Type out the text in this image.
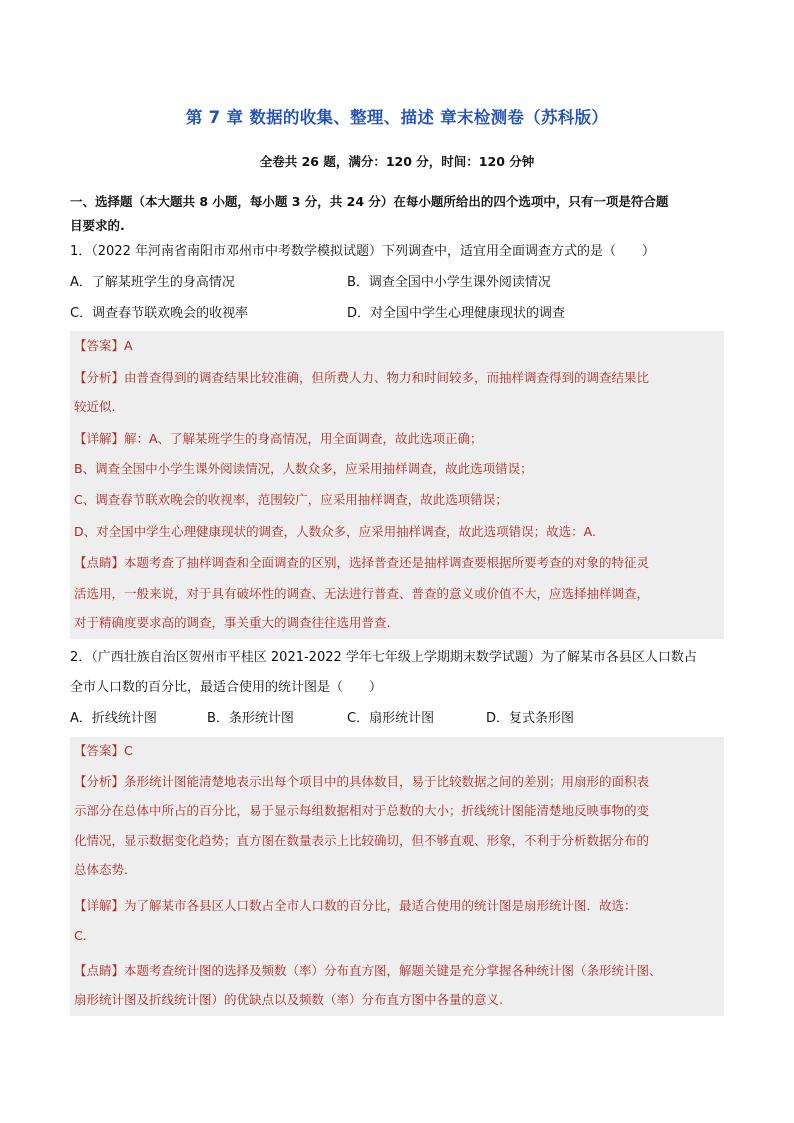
第 7 章 数据的收集、整理、描述 章末检测卷（苏科版）
全卷共 26 题，满分：120 分，时间：120 分钟
一、选择题（本大题共 8 小题，每小题 3 分，共 24 分）在每小题所给出的四个选项中，只有一项是符合题
目要求的.
1．（2022 年河南省南阳市邓州市中考数学模拟试题）下列调查中，适宜用全面调查方式的是（　　）
A．了解某班学生的身高情况	B．调查全国中小学生课外阅读情况
C．调查春节联欢晚会的收视率	D．对全国中学生心理健康现状的调查
【答案】A
【分析】由普查得到的调查结果比较准确，但所费人力、物力和时间较多，而抽样调查得到的调查结果比
较近似.
【详解】解：A、了解某班学生的身高情况，用全面调查，故此选项正确；
B、调查全国中小学生课外阅读情况，人数众多，应采用抽样调查，故此选项错误；
C、调查春节联欢晚会的收视率，范围较广，应采用抽样调查，故此选项错误；
D、对全国中学生心理健康现状的调查，人数众多，应采用抽样调查，故此选项错误；故选：A.
【点睛】本题考查了抽样调查和全面调查的区别，选择普查还是抽样调查要根据所要考查的对象的特征灵
活选用，一般来说，对于具有破坏性的调查、无法进行普查、普查的意义或价值不大，应选择抽样调查，
对于精确度要求高的调查，事关重大的调查往往选用普查.
2．（广西壮族自治区贺州市平桂区 2021-2022 学年七年级上学期期末数学试题）为了解某市各县区人口数占
全市人口数的百分比，最适合使用的统计图是（　　）
A．折线统计图	B．条形统计图	C．扇形统计图	D．复式条形图
【答案】C
【分析】条形统计图能清楚地表示出每个项目中的具体数目，易于比较数据之间的差别；用扇形的面积表
示部分在总体中所占的百分比，易于显示每组数据相对于总数的大小；折线统计图能清楚地反映事物的变
化情况，显示数据变化趋势；直方图在数量表示上比较确切，但不够直观、形象，不利于分析数据分布的
总体态势.
【详解】为了解某市各县区人口数占全市人口数的百分比，最适合使用的统计图是扇形统计图．故选：
C.
【点睛】本题考查统计图的选择及频数（率）分布直方图，解题关键是充分掌握各种统计图（条形统计图、
扇形统计图及折线统计图）的优缺点以及频数（率）分布直方图中各量的意义.
